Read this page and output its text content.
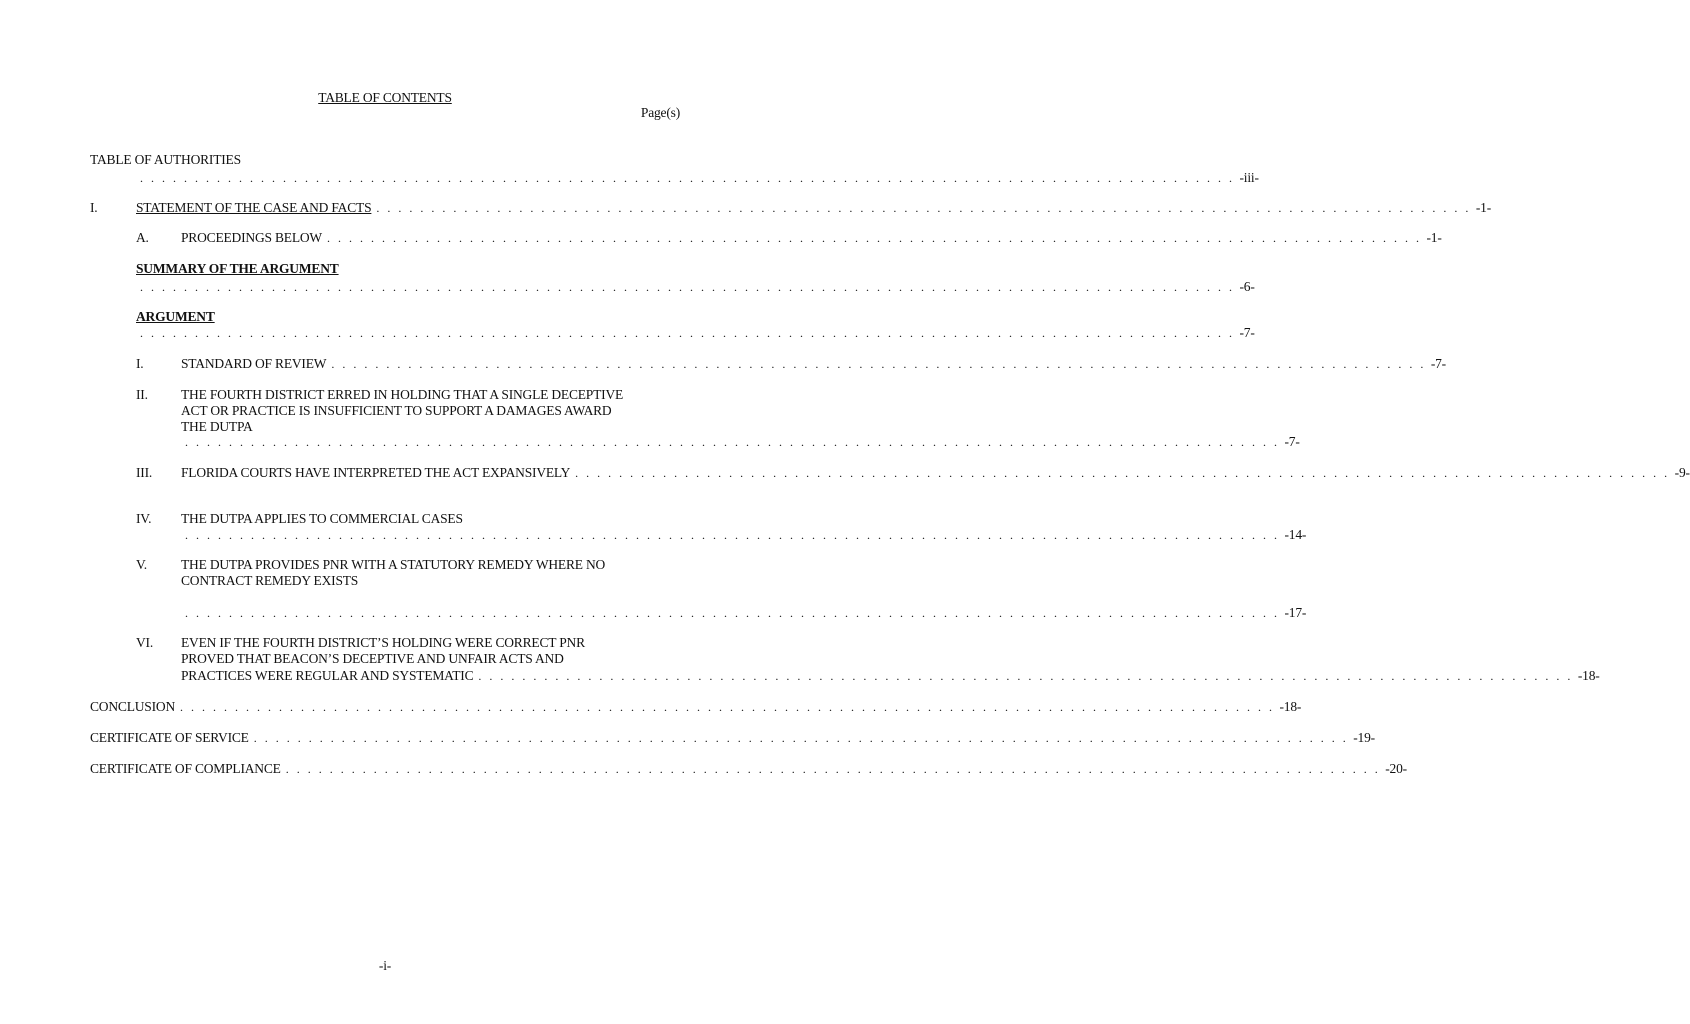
TABLE OF CONTENTS
Page(s)
TABLE OF AUTHORITIES
. . . . . . . . . . . . . . . . . . . . . . . . . . . . . . . . . . . . . . . . . . . . . . . . . . . . . . . . . . . . . . . . . . . . . . . . . . . . . . . . . . . . . . . . . . . . . . . . . . . . -iii-
I.	STATEMENT OF THE CASE AND FACTS . . . . . . . . . . . . . . . . . . . . . . . . . . . . . . . . . . . . . . . . . . . . . . . . . . . . . . . . . . . . . . . . . . . . . . . . . . . . . . . . . . . . . . . . . . . . . . . . . . . . -1-
A. PROCEEDINGS BELOW . . . . . . . . . . . . . . . . . . . . . . . . . . . . . . . . . . . . . . . . . . . . . . . . . . . . . . . . . . . . . . . . . . . . . . . . . . . . . . . . . . . . . . . . . . . . . . . . . . . . -1-
SUMMARY OF THE ARGUMENT
. . . . . . . . . . . . . . . . . . . . . . . . . . . . . . . . . . . . . . . . . . . . . . . . . . . . . . . . . . . . . . . . . . . . . . . . . . . . . . . . . . . . . . . . . . . . . . . . . . . . -6-
ARGUMENT
. . . . . . . . . . . . . . . . . . . . . . . . . . . . . . . . . . . . . . . . . . . . . . . . . . . . . . . . . . . . . . . . . . . . . . . . . . . . . . . . . . . . . . . . . . . . . . . . . . . . -7-
I.	STANDARD OF REVIEW . . . . . . . . . . . . . . . . . . . . . . . . . . . . . . . . . . . . . . . . . . . . . . . . . . . . . . . . . . . . . . . . . . . . . . . . . . . . . . . . . . . . . . . . . . . . . . . . . . . . -7-
II. THE FOURTH DISTRICT ERRED IN HOLDING THAT A SINGLE DECEPTIVE
ACT OR PRACTICE IS INSUFFICIENT TO SUPPORT A DAMAGES AWARD
THE DUTPA
. . . . . . . . . . . . . . . . . . . . . . . . . . . . . . . . . . . . . . . . . . . . . . . . . . . . . . . . . . . . . . . . . . . . . . . . . . . . . . . . . . . . . . . . . . . . . . . . . . . . -7-
III. FLORIDA COURTS HAVE INTERPRETED THE ACT EXPANSIVELY . . . . . . . . . . . . . . . . . . . . . . . . . . . . . . . . . . . . . . . . . . . . . . . . . . . . . . . . . . . . . . . . . . . . . . . . . . . . . . . . . . . . . . . . . . . . . . . . . . . . -9-
IV. THE DUTPA APPLIES TO COMMERCIAL CASES
. . . . . . . . . . . . . . . . . . . . . . . . . . . . . . . . . . . . . . . . . . . . . . . . . . . . . . . . . . . . . . . . . . . . . . . . . . . . . . . . . . . . . . . . . . . . . . . . . . . . -14-
V.	THE DUTPA PROVIDES PNR WITH A STATUTORY REMEDY WHERE NO
CONTRACT REMEDY EXISTS
. . . . . . . . . . . . . . . . . . . . . . . . . . . . . . . . . . . . . . . . . . . . . . . . . . . . . . . . . . . . . . . . . . . . . . . . . . . . . . . . . . . . . . . . . . . . . . . . . . . . -17-
VI. EVEN IF THE FOURTH DISTRICT’S HOLDING WERE CORRECT PNR
PROVED THAT BEACON’S DECEPTIVE AND UNFAIR ACTS AND
PRACTICES WERE REGULAR AND SYSTEMATIC . . . . . . . . . . . . . . . . . . . . . . . . . . . . . . . . . . . . . . . . . . . . . . . . . . . . . . . . . . . . . . . . . . . . . . . . . . . . . . . . . . . . . . . . . . . . . . . . . . . . -18-
CONCLUSION . . . . . . . . . . . . . . . . . . . . . . . . . . . . . . . . . . . . . . . . . . . . . . . . . . . . . . . . . . . . . . . . . . . . . . . . . . . . . . . . . . . . . . . . . . . . . . . . . . . . -18-
CERTIFICATE OF SERVICE . . . . . . . . . . . . . . . . . . . . . . . . . . . . . . . . . . . . . . . . . . . . . . . . . . . . . . . . . . . . . . . . . . . . . . . . . . . . . . . . . . . . . . . . . . . . . . . . . . . . -19-
CERTIFICATE OF COMPLIANCE . . . . . . . . . . . . . . . . . . . . . . . . . . . . . . . . . . . . . . . . . . . . . . . . . . . . . . . . . . . . . . . . . . . . . . . . . . . . . . . . . . . . . . . . . . . . . . . . . . . . -20-
-i-
